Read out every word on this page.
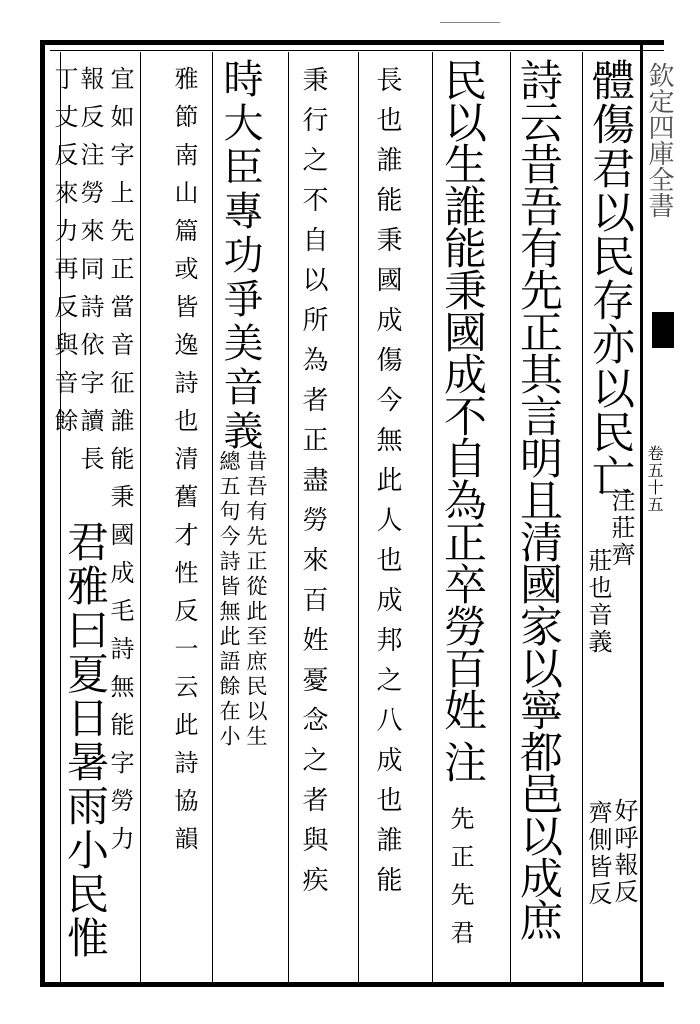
欽定四庫全書
卷五十五
體傷君以民存亦以民亡
注莊齊
好呼報反
莊也音義
齊側皆反
詩云昔吾有先正其言明且清國家以寧都邑以成庶
民以生誰能秉國成不自為正卒勞百姓
注
先正先君
長也誰能秉國成傷今無此人也成邦之八成也誰能
秉行之不自以所為者正盡勞來百姓憂念之者與疾
時大臣專功爭美音義
昔吾有先正從此至庶民以生
總五句今詩皆無此語餘在小
雅節南山篇或皆逸詩也清舊才性反一云此詩協韻
宜如字上先正當音征誰能秉國成毛詩無能字勞力
報反注勞來同詩依字讀長
丁丈反來力再反與音餘
君雅曰夏日暑雨小民惟
